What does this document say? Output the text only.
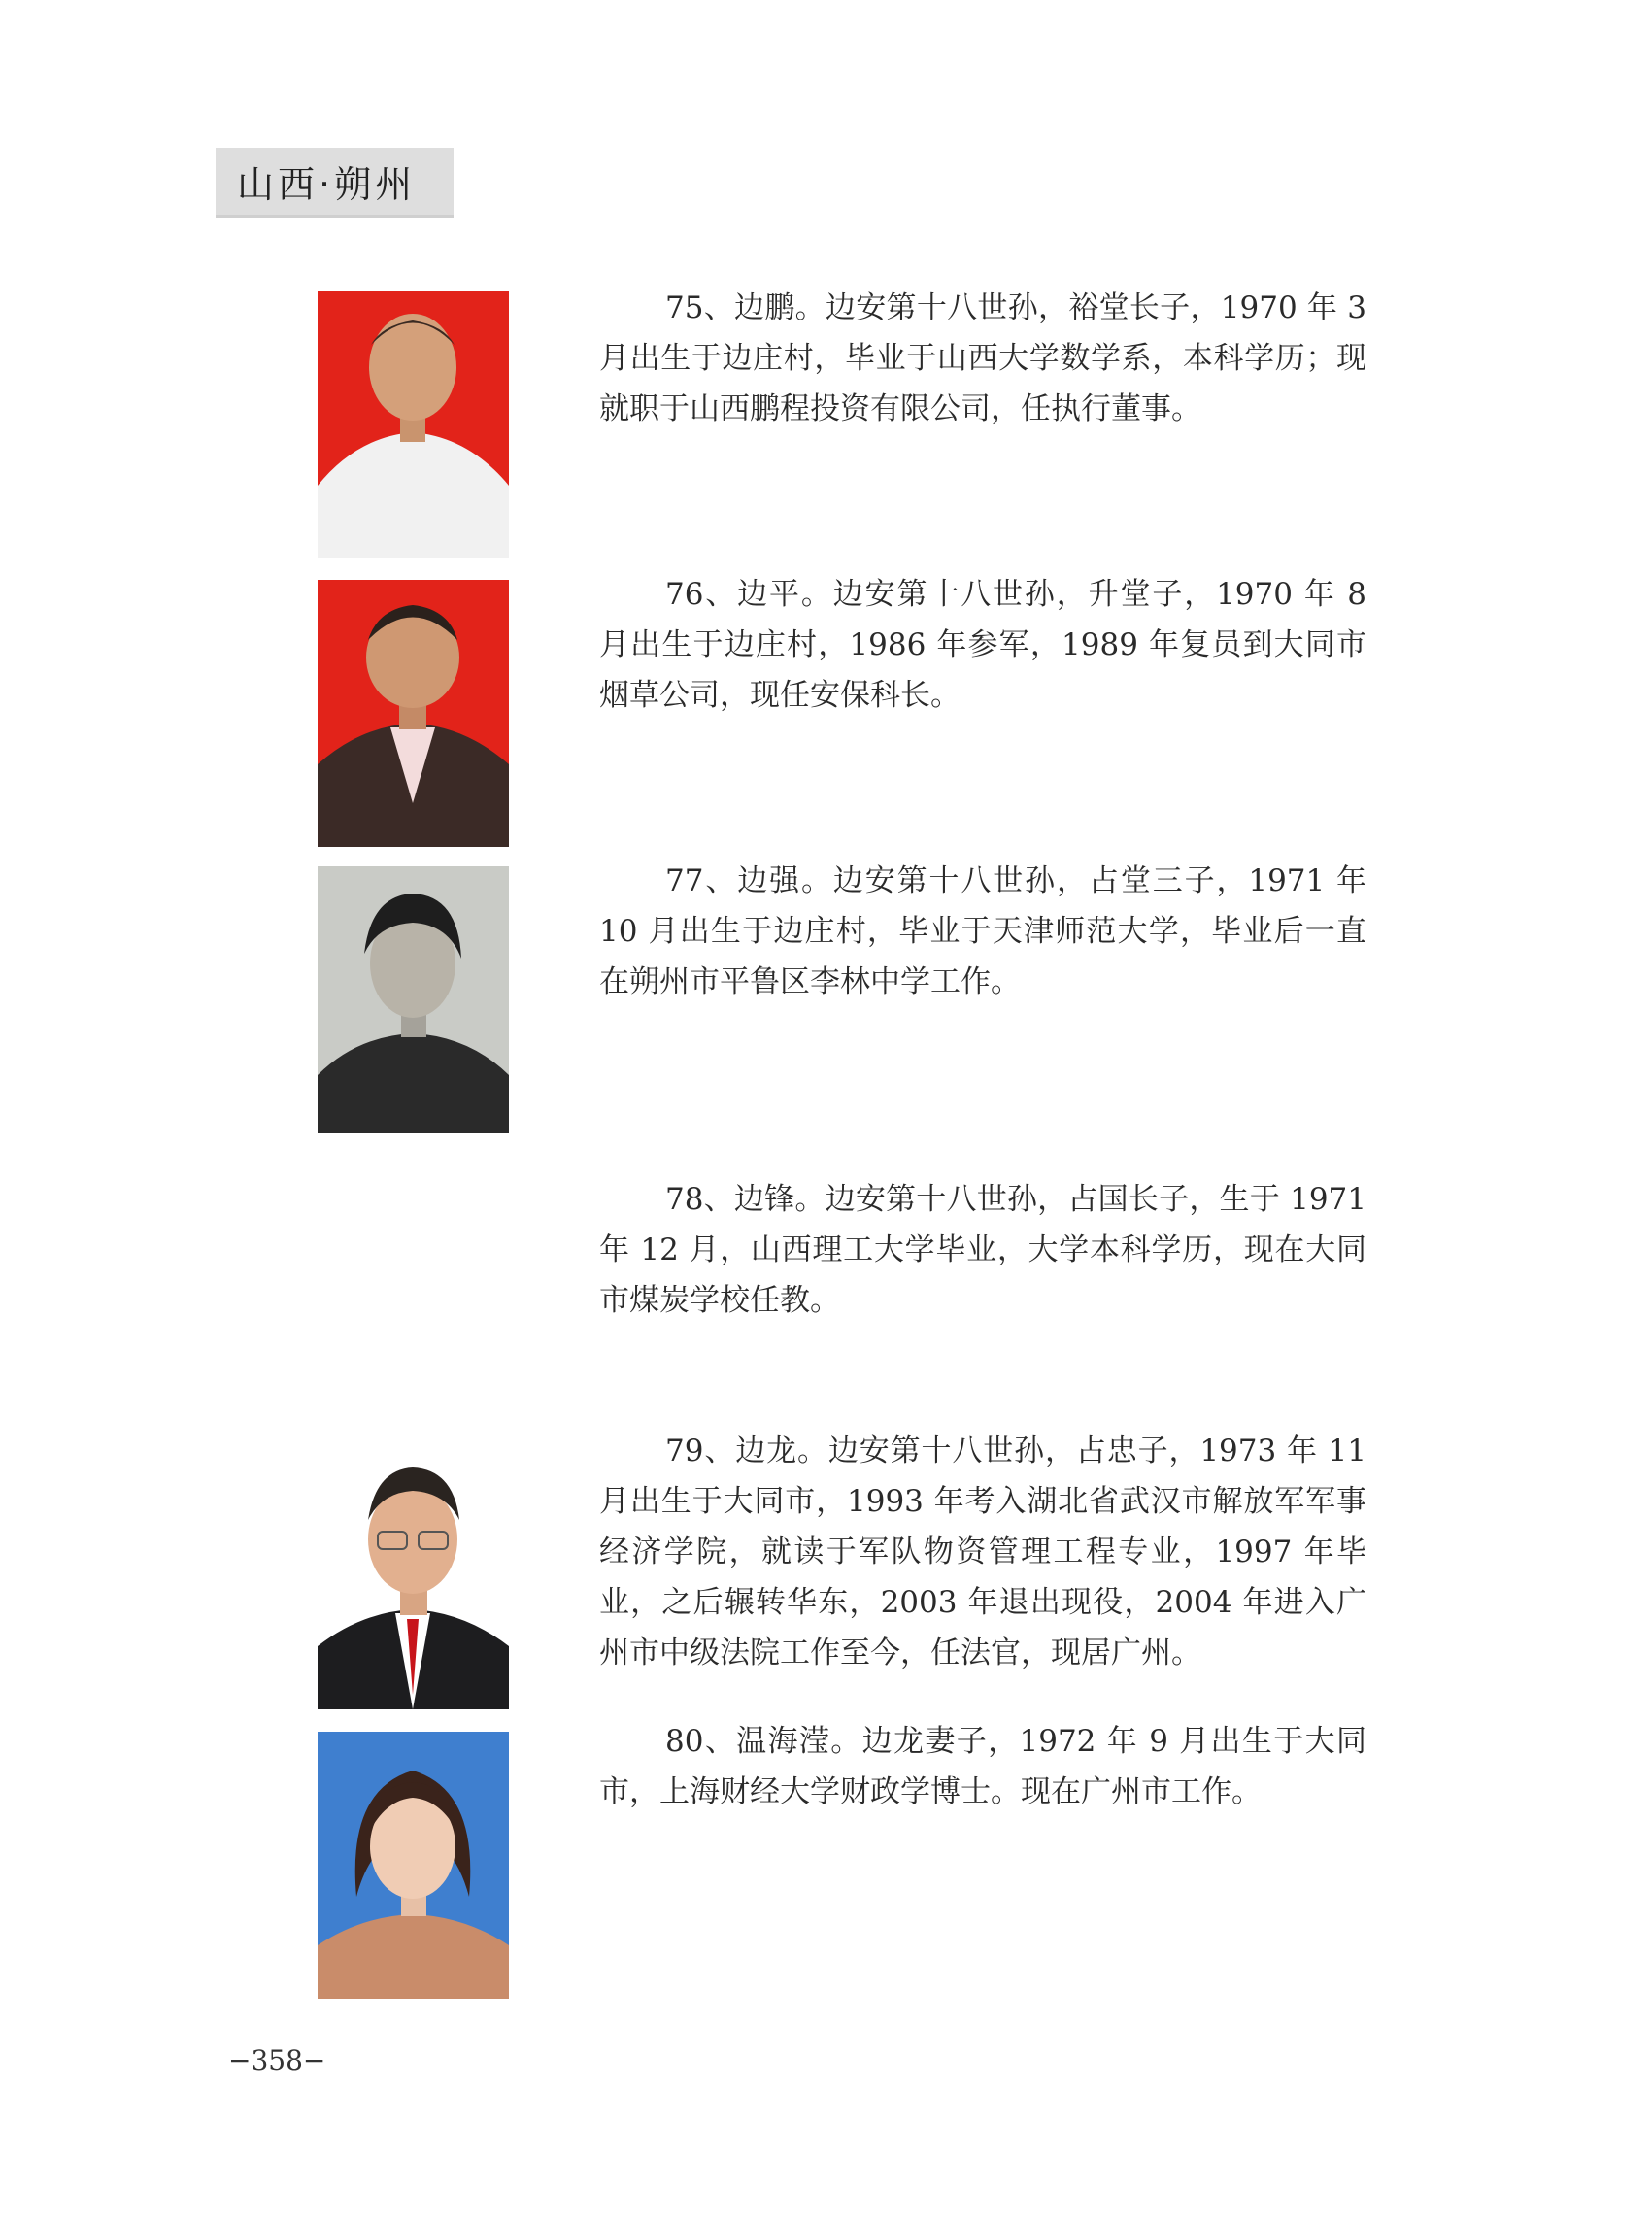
山西·朔州

75、边鹏。边安第十八世孙，裕堂长子，1970 年 3 月出生于边庄村，毕业于山西大学数学系，本科学历；现就职于山西鹏程投资有限公司，任执行董事。

76、边平。边安第十八世孙，升堂子，1970 年 8 月出生于边庄村，1986 年参军，1989 年复员到大同市烟草公司，现任安保科长。

77、边强。边安第十八世孙，占堂三子，1971 年 10 月出生于边庄村，毕业于天津师范大学，毕业后一直在朔州市平鲁区李林中学工作。

78、边锋。边安第十八世孙，占国长子，生于 1971 年 12 月，山西理工大学毕业，大学本科学历，现在大同市煤炭学校任教。

79、边龙。边安第十八世孙，占忠子，1973 年 11 月出生于大同市，1993 年考入湖北省武汉市解放军军事经济学院，就读于军队物资管理工程专业，1997 年毕业，之后辗转华东，2003 年退出现役，2004 年进入广州市中级法院工作至今，任法官，现居广州。

80、温海滢。边龙妻子，1972 年 9 月出生于大同市，上海财经大学财政学博士。现在广州市工作。

−358−
